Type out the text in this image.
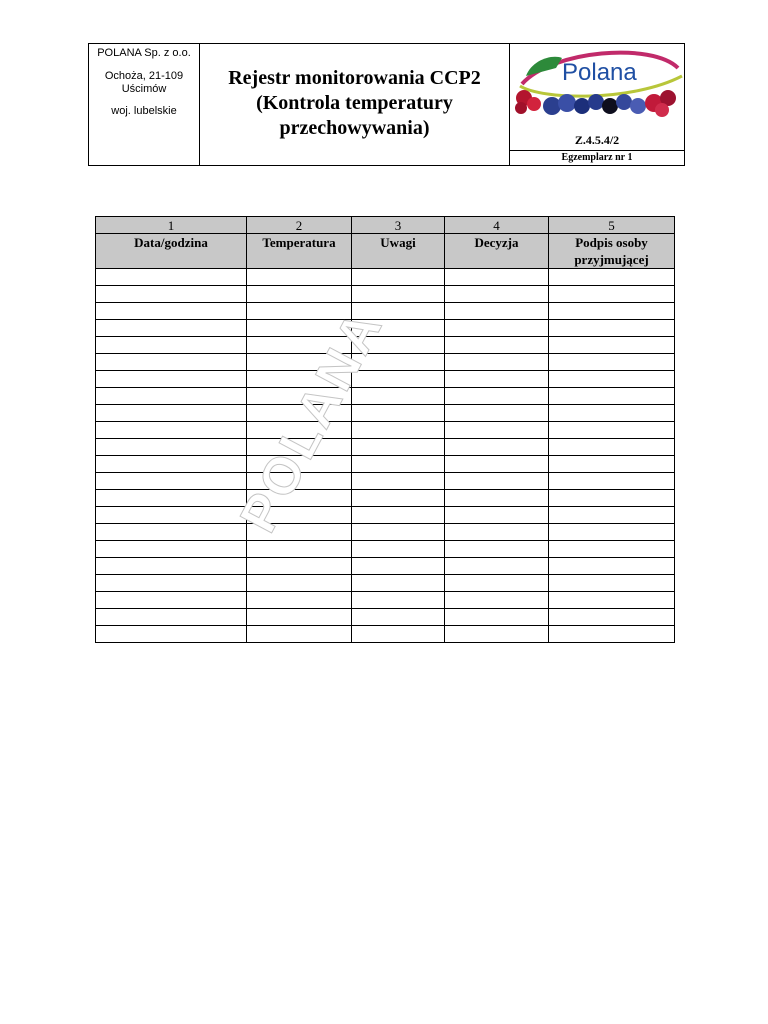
POLANA Sp. z o.o.
Ochoża, 21-109 Uścimów
woj. lubelskie
Rejestr monitorowania CCP2
(Kontrola temperatury
przechowywania)
Polana
Z.4.5.4/2
Egzemplarz nr 1
1	2	3	4	5
Data/godzina	Temperatura	Uwagi	Decyzja	Podpis osoby przyjmującej

POLANA
